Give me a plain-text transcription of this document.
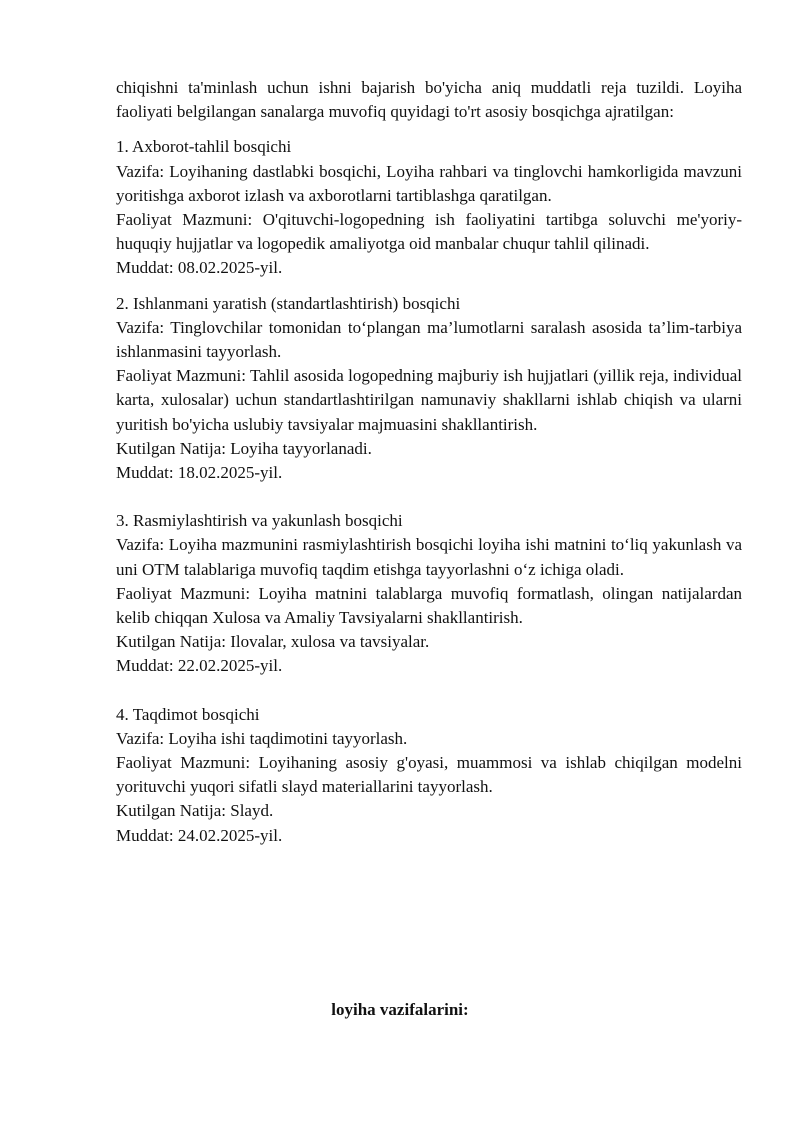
chiqishni ta'minlash uchun ishni bajarish bo'yicha aniq muddatli reja tuzildi. Loyiha faoliyati belgilangan sanalarga muvofiq quyidagi to'rt asosiy bosqichga ajratilgan:

1. Axborot-tahlil bosqichi

Vazifa: Loyihaning dastlabki bosqichi, Loyiha rahbari va tinglovchi hamkorligida mavzuni yoritishga axborot izlash va axborotlarni tartiblashga qaratilgan.

Faoliyat Mazmuni: O'qituvchi-logopedning ish faoliyatini tartibga soluvchi me'yoriy-huquqiy hujjatlar va logopedik amaliyotga oid manbalar chuqur tahlil qilinadi.

Muddat: 08.02.2025-yil.

2. Ishlanmani yaratish (standartlashtirish) bosqichi

Vazifa: Tinglovchilar tomonidan to‘plangan ma’lumotlarni saralash asosida ta’lim-tarbiya ishlanmasini tayyorlash.

Faoliyat Mazmuni: Tahlil asosida logopedning majburiy ish hujjatlari (yillik reja, individual karta, xulosalar) uchun standartlashtirilgan namunaviy shakllarni ishlab chiqish va ularni yuritish bo'yicha uslubiy tavsiyalar majmuasini shakllantirish.

Kutilgan Natija: Loyiha tayyorlanadi.

Muddat: 18.02.2025-yil.

3. Rasmiylashtirish va yakunlash bosqichi

Vazifa: Loyiha mazmunini rasmiylashtirish bosqichi loyiha ishi matnini to‘liq yakunlash va uni OTM talablariga muvofiq taqdim etishga tayyorlashni o‘z ichiga oladi.

Faoliyat Mazmuni: Loyiha matnini talablarga muvofiq formatlash, olingan natijalardan kelib chiqqan Xulosa va Amaliy Tavsiyalarni shakllantirish.

Kutilgan Natija: Ilovalar, xulosa va tavsiyalar.

Muddat: 22.02.2025-yil.

4. Taqdimot bosqichi

Vazifa: Loyiha ishi taqdimotini tayyorlash.

Faoliyat Mazmuni: Loyihaning asosiy g'oyasi, muammosi va ishlab chiqilgan modelni yorituvchi yuqori sifatli slayd materiallarini tayyorlash.

Kutilgan Natija: Slayd.

Muddat: 24.02.2025-yil.

loyiha vazifalarini:
